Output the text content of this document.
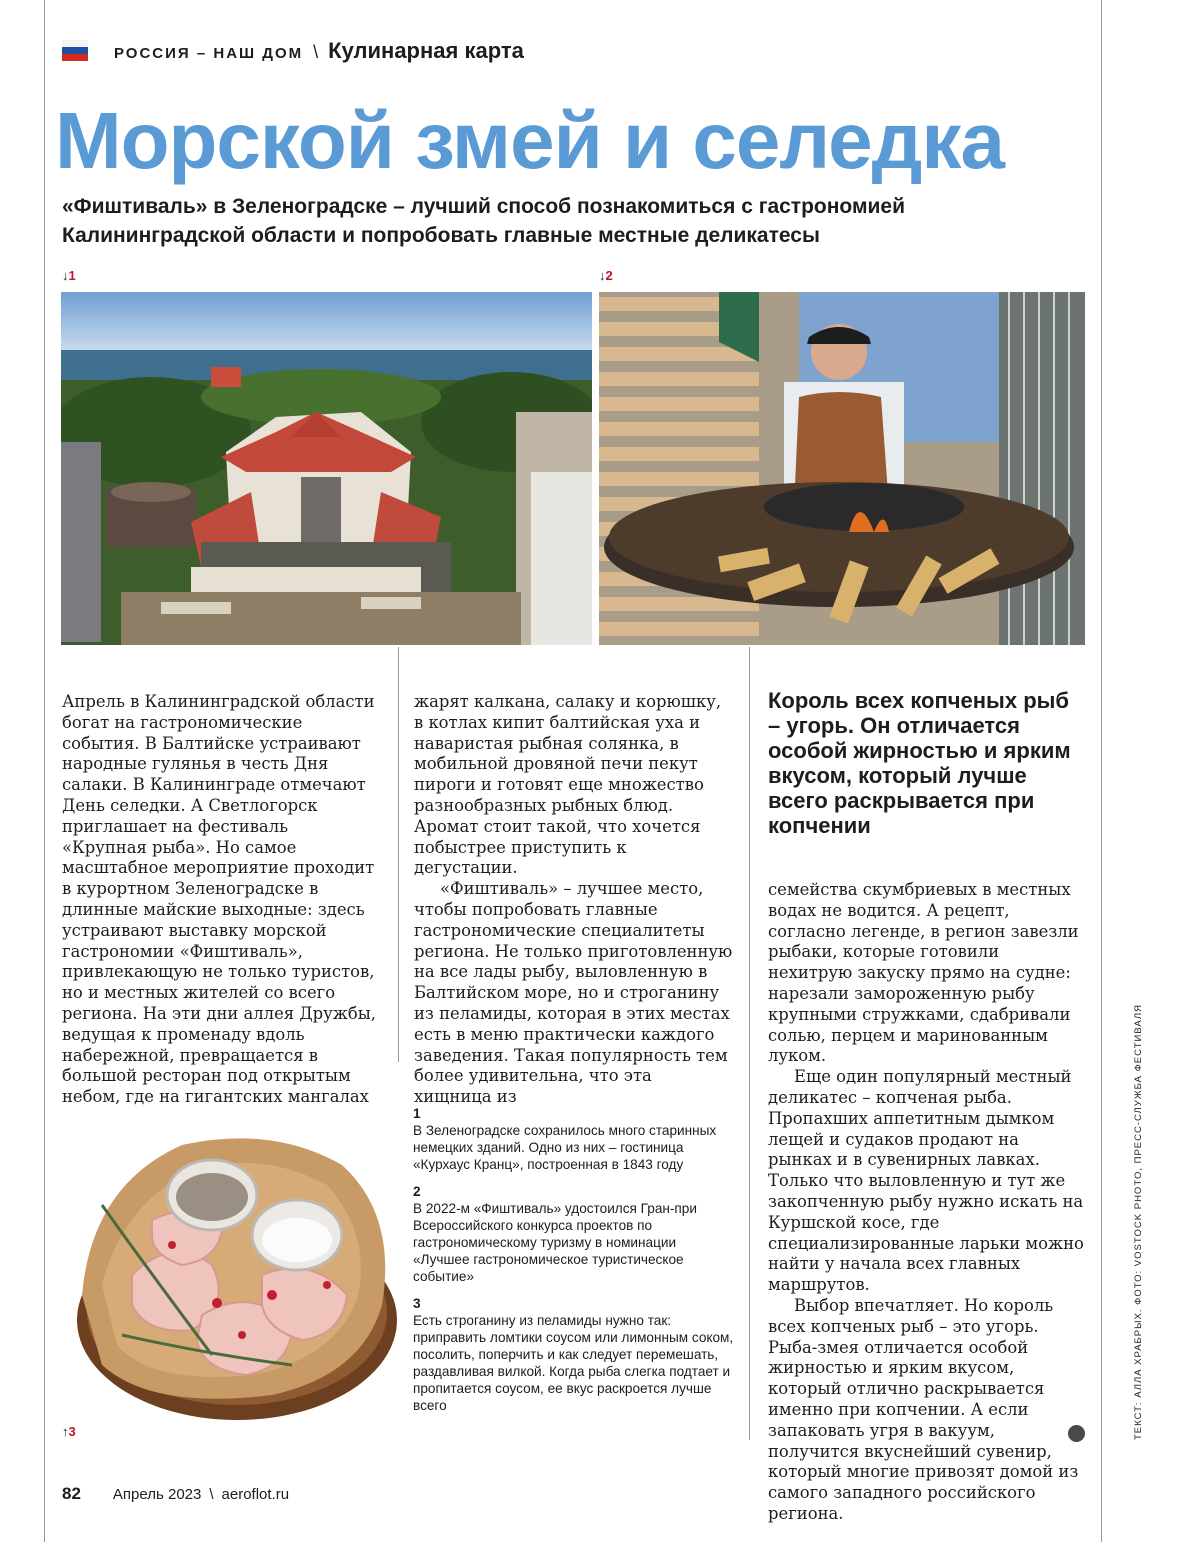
РОССИЯ – НАШ ДОМ \ Кулинарная карта
Морской змей и селедка
«Фиштиваль» в Зеленоградске – лучший способ познакомиться с гастрономией Калининградской области и попробовать главные местные деликатесы
↓1	↓2
↑3

Апрель в Калининградской области богат на гастрономические события. В Балтийске устраивают народные гулянья в честь Дня салаки. В Калининграде отмечают День селедки. А Светлогорск приглашает на фестиваль «Крупная рыба». Но самое масштабное мероприятие проходит в курортном Зеленоградске в длинные майские выходные: здесь устраивают выставку морской гастрономии «Фиштиваль», привлекающую не только туристов, но и местных жителей со всего региона. На эти дни аллея Дружбы, ведущая к променаду вдоль набережной, превращается в большой ресторан под открытым небом, где на гигантских мангалах

жарят калкана, салаку и корюшку, в котлах кипит балтийская уха и наваристая рыбная солянка, в мобильной дровяной печи пекут пироги и готовят еще множество разнообразных рыбных блюд. Аромат стоит такой, что хочется побыстрее приступить к дегустации.

«Фиштиваль» – лучшее место, чтобы попробовать главные гастрономические специалитеты региона. Не только приготовленную на все лады рыбу, выловленную в Балтийском море, но и строганину из пеламиды, которая в этих местах есть в меню практически каждого заведения. Такая популярность тем более удивительна, что эта хищница из

Король всех копченых рыб – угорь. Он отличается особой жирностью и ярким вкусом, который лучше всего раскрывается при копчении

семейства скумбриевых в местных водах не водится. А рецепт, согласно легенде, в регион завезли рыбаки, которые готовили нехитрую закуску прямо на судне: нарезали замороженную рыбу крупными стружками, сдабривали солью, перцем и маринованным луком.

Еще один популярный местный деликатес – копченая рыба. Пропахших аппетитным дымком лещей и судаков продают на рынках и в сувенирных лавках. Только что выловленную и тут же закопченную рыбу нужно искать на Куршской косе, где специализированные ларьки можно найти у начала всех главных маршрутов.

Выбор впечатляет. Но король всех копченых рыб – это угорь. Рыба-змея отличается особой жирностью и ярким вкусом, который отлично раскрывается именно при копчении. А если запаковать угря в вакуум, получится вкуснейший сувенир, который многие привозят домой из самого западного российского региона.

1
В Зеленоградске сохранилось много старинных немецких зданий. Одно из них – гостиница «Курхаус Кранц», построенная в 1843 году
2
В 2022-м «Фиштиваль» удостоился Гран-при Всероссийского конкурса проектов по гастрономическому туризму в номинации «Лучшее гастрономическое туристическое событие»
3
Есть строганину из пеламиды нужно так: приправить ломтики соусом или лимонным соком, посолить, поперчить и как следует перемешать, раздавливая вилкой. Когда рыба слегка подтает и пропитается соусом, ее вкус раскроется лучше всего	ТЕКСТ: АЛЛА ХРАБРЫХ. ФОТО: VOSTOCK PHOTO, ПРЕСС-СЛУЖБА ФЕСТИВАЛЯ
82 Апрель 2023 \ aeroflot.ru
